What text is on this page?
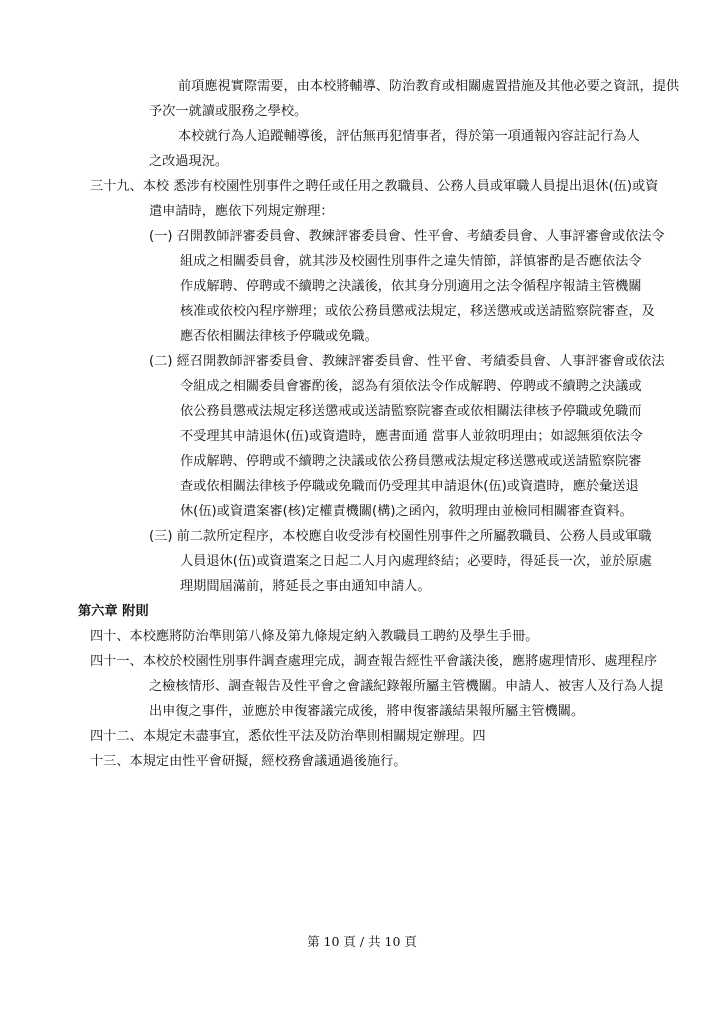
前項應視實際需要，由本校將輔導、防治教育或相關處置措施及其他必要之資訊，提供
予次一就讀或服務之學校。
本校就行為人追蹤輔導後，評估無再犯情事者，得於第一項通報內容註記行為人
之改過現況。
三十九、本校 悉涉有校園性別事件之聘任或任用之教職員、公務人員或軍職人員提出退休(伍)或資
遣申請時，應依下列規定辦理：
(一) 召開教師評審委員會、教練評審委員會、性平會、考績委員會、人事評審會或依法令
組成之相關委員會，就其涉及校園性別事件之違失情節，詳慎審酌是否應依法令
作成解聘、停聘或不續聘之決議後，依其身分別適用之法令循程序報請主管機關
核准或依校內程序辦理；或依公務員懲戒法規定，移送懲戒或送請監察院審查，及
應否依相關法律核予停職或免職。
(二) 經召開教師評審委員會、教練評審委員會、性平會、考績委員會、人事評審會或依法
令組成之相關委員會審酌後，認為有須依法令作成解聘、停聘或不續聘之決議或
依公務員懲戒法規定移送懲戒或送請監察院審查或依相關法律核予停職或免職而
不受理其申請退休(伍)或資遣時，應書面通 當事人並敘明理由；如認無須依法令
作成解聘、停聘或不續聘之決議或依公務員懲戒法規定移送懲戒或送請監察院審
查或依相關法律核予停職或免職而仍受理其申請退休(伍)或資遣時，應於彙送退
休(伍)或資遣案審(核)定權責機關(構)之函內，敘明理由並檢同相關審查資料。
(三) 前二款所定程序，本校應自收受涉有校園性別事件之所屬教職員、公務人員或軍職
人員退休(伍)或資遣案之日起二人月內處理終結；必要時，得延長一次，並於原處
理期間屆滿前，將延長之事由通知申請人。
第六章 附則
四十、本校應將防治準則第八條及第九條規定納入教職員工聘約及學生手冊。
四十一、本校於校園性別事件調查處理完成，調查報告經性平會議決後，應將處理情形、處理程序
之檢核情形、調查報告及性平會之會議紀錄報所屬主管機關。申請人、被害人及行為人提
出申復之事件，並應於申復審議完成後，將申復審議結果報所屬主管機關。
四十二、本規定未盡事宜，悉依性平法及防治準則相關規定辦理。四
十三、本規定由性平會研擬，經校務會議通過後施行。
第 10 頁 / 共 10 頁
